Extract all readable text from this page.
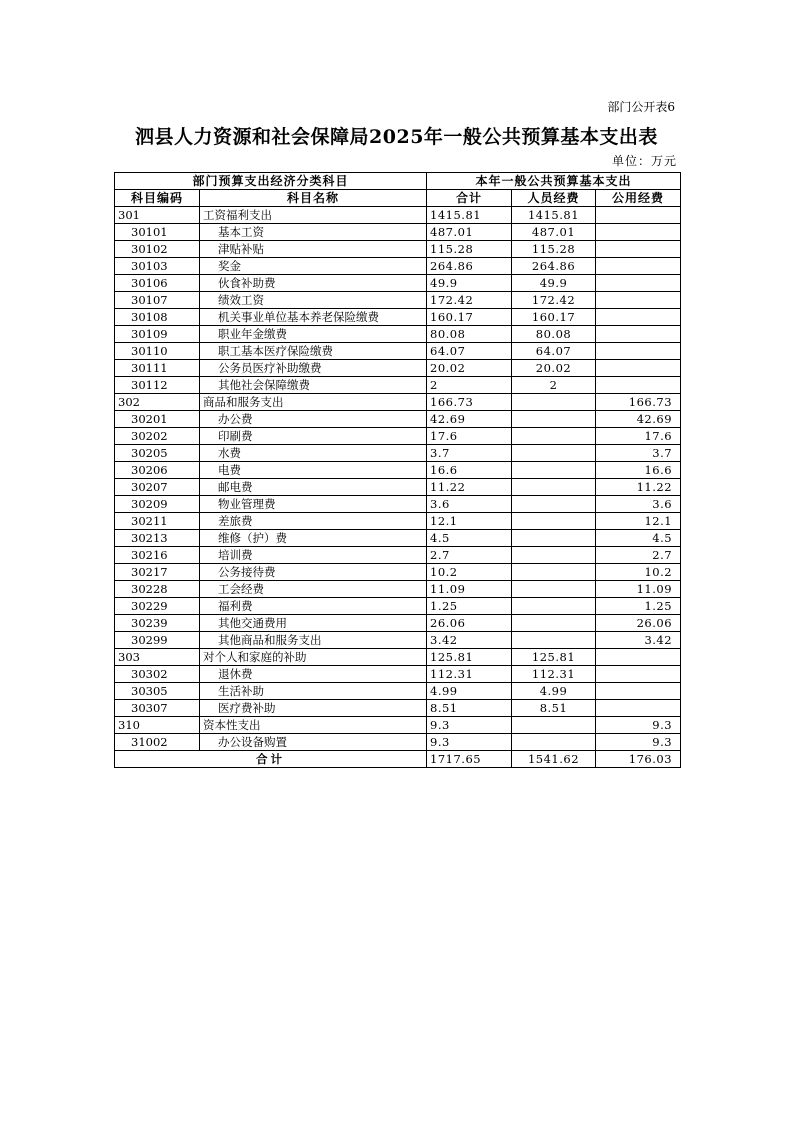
部门公开表6
泗县人力资源和社会保障局2025年一般公共预算基本支出表
单位：万元
部门预算支出经济分类科目		本年一般公共预算基本支出		
科目编码	科目名称	合计	人员经费	公用经费
301	工资福利支出	1415.81	1415.81	
30101	基本工资	487.01	487.01	
30102	津贴补贴	115.28	115.28	
30103	奖金	264.86	264.86	
30106	伙食补助费	49.9	49.9	
30107	绩效工资	172.42	172.42	
30108	机关事业单位基本养老保险缴费	160.17	160.17	
30109	职业年金缴费	80.08	80.08	
30110	职工基本医疗保险缴费	64.07	64.07	
30111	公务员医疗补助缴费	20.02	20.02	
30112	其他社会保障缴费	2	2	
302	商品和服务支出	166.73		166.73
30201	办公费	42.69		42.69
30202	印刷费	17.6		17.6
30205	水费	3.7		3.7
30206	电费	16.6		16.6
30207	邮电费	11.22		11.22
30209	物业管理费	3.6		3.6
30211	差旅费	12.1		12.1
30213	维修（护）费	4.5		4.5
30216	培训费	2.7		2.7
30217	公务接待费	10.2		10.2
30228	工会经费	11.09		11.09
30229	福利费	1.25		1.25
30239	其他交通费用	26.06		26.06
30299	其他商品和服务支出	3.42		3.42
303	对个人和家庭的补助	125.81	125.81	
30302	退休费	112.31	112.31	
30305	生活补助	4.99	4.99	
30307	医疗费补助	8.51	8.51	
310	资本性支出	9.3		9.3
31002	办公设备购置	9.3		9.3
合计		1717.65	1541.62	176.03
